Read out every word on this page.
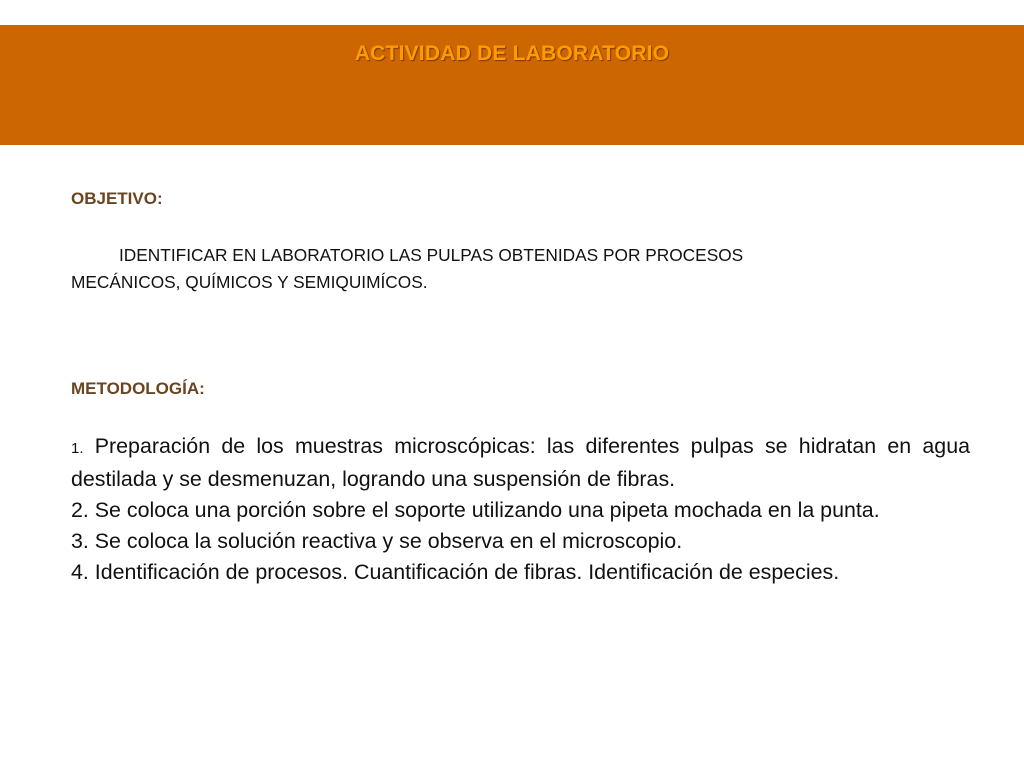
ACTIVIDAD DE LABORATORIO
OBJETIVO:
IDENTIFICAR EN LABORATORIO LAS PULPAS OBTENIDAS POR PROCESOS
MECÁNICOS, QUÍMICOS Y SEMIQUIMÍCOS.
METODOLOGÍA:

1. Preparación de los muestras microscópicas: las diferentes pulpas se hidratan en agua destilada y se desmenuzan, logrando una suspensión de fibras.

2. Se coloca una porción sobre el soporte utilizando una pipeta mochada en la punta.

3. Se coloca la solución reactiva y se observa en el microscopio.

4. Identificación de procesos. Cuantificación de fibras. Identificación de especies.
